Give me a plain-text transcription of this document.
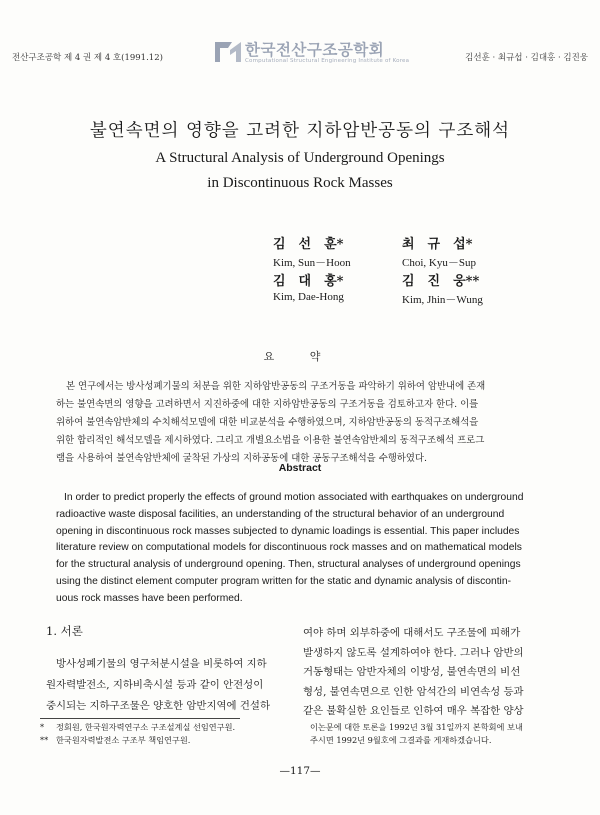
전산구조공학 제 4 권 제 4 호(1991.12)	한국전산구조공학회
Computational Structural Engineering Institute of Korea	김선훈 · 최규섭 · 김대홍 · 김진웅
불연속면의 영향을 고려한 지하암반공동의 구조해석
A Structural Analysis of Underground Openings
in Discontinuous Rock Masses
김　선　훈*
Kim, Sun－Hoon
최　규　섭*
Choi, Kyu－Sup
김　대　홍*
Kim, Dae-Hong
김　진　웅**
Kim, Jhin－Wung
요 약
본 연구에서는 방사성폐기물의 처분을 위한 지하암반공동의 구조거동을 파악하기 위하여 암반내에 존재
하는 불연속면의 영향을 고려하면서 지진하중에 대한 지하암반공동의 구조거동을 검토하고자 한다. 이를
위하여 불연속암반체의 수치해석모델에 대한 비교분석을 수행하였으며, 지하암반공동의 동적구조해석을
위한 합리적인 해석모델을 제시하였다. 그리고 개별요소법을 이용한 불연속암반체의 동적구조해석 프로그
램을 사용하여 불연속암반체에 굴착된 가상의 지하공동에 대한 공동구조해석을 수행하였다.
Abstract
In order to predict properly the effects of ground motion associated with earthquakes on underground
radioactive waste disposal facilities, an understanding of the structural behavior of an underground
opening in discontinuous rock masses subjected to dynamic loadings is essential. This paper includes
literature review on computational models for discontinuous rock masses and on mathematical models
for the structural analysis of underground opening. Then, structural analyses of underground openings
using the distinct element computer program written for the static and dynamic analysis of discontin-
uous rock masses have been performed.
1. 서론
방사성폐기물의 영구처분시설을 비롯하여 지하
원자력발전소, 지하비축시설 등과 같이 안전성이
중시되는 지하구조물은 양호한 암반지역에 건설하
여야 하며 외부하중에 대해서도 구조물에 피해가
발생하지 않도록 설계하여야 한다. 그러나 암반의
거동형태는 암반자체의 이방성, 불연속면의 비선
형성, 불연속면으로 인한 암석간의 비연속성 등과
같은 불확실한 요인들로 인하여 매우 복잡한 양상
* 정회원, 한국원자력연구소 구조설계실 선임연구원.
** 한국원자력발전소 구조부 책임연구원.
이논문에 대한 토론을 1992년 3월 31일까지 본학회에 보내
주시면 1992년 9월호에 그결과를 게재하겠습니다.
—117—
